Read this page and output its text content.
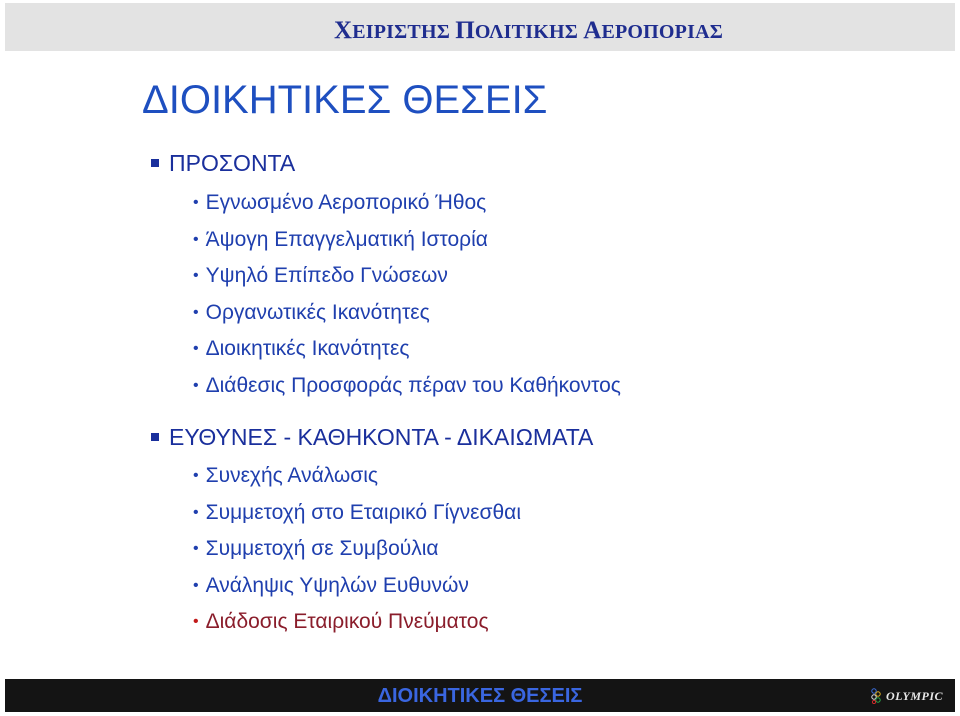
ΧΕΙΡΙΣΤΗΣ ΠΟΛΙΤΙΚΗΣ ΑΕΡΟΠΟΡΙΑΣ
ΔΙΟΙΚΗΤΙΚΕΣ ΘΕΣΕΙΣ
ΠΡΟΣΟΝΤΑ
• Εγνωσμένο Αεροπορικό Ήθος
• Άψογη Επαγγελματική Ιστορία
• Υψηλό Επίπεδο Γνώσεων
• Οργανωτικές Ικανότητες
• Διοικητικές Ικανότητες
• Διάθεσις Προσφοράς πέραν του Καθήκοντος
ΕΥΘΥΝΕΣ - ΚΑΘΗΚΟΝΤΑ - ΔΙΚΑΙΩΜΑΤΑ
• Συνεχής Ανάλωσις
• Συμμετοχή στο Εταιρικό Γίγνεσθαι
• Συμμετοχή σε Συμβούλια
• Ανάληψις Υψηλών Ευθυνών
• Διάδοσις Εταιρικού Πνεύματος
ΔΙΟΙΚΗΤΙΚΕΣ ΘΕΣΕΙΣ	OLYMPIC
